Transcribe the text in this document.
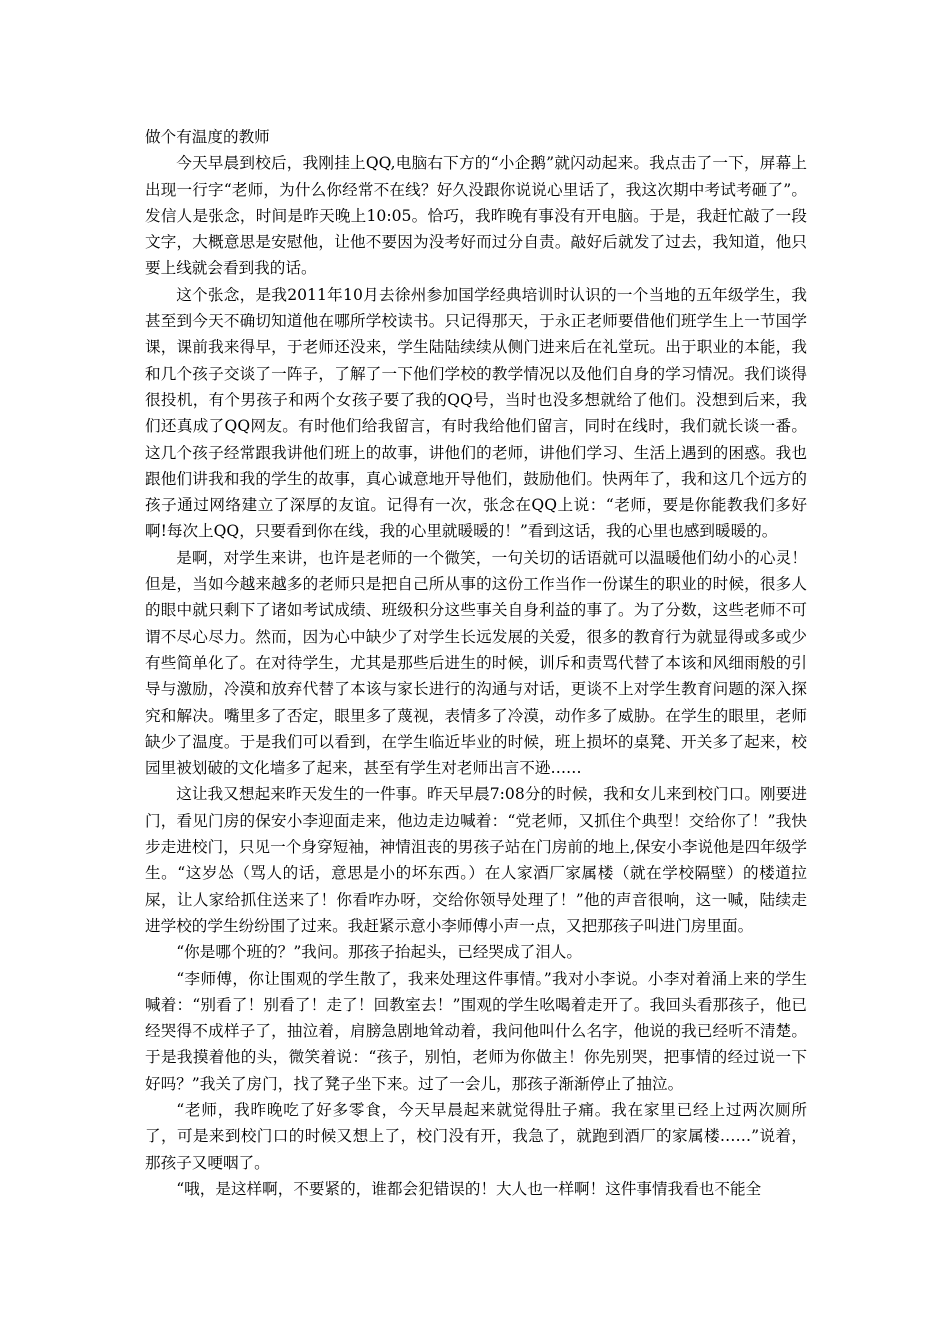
做个有温度的教师

今天早晨到校后，我刚挂上QQ,电脑右下方的“小企鹅”就闪动起来。我点击了一下，屏幕上出现一行字“老师，为什么你经常不在线？好久没跟你说说心里话了，我这次期中考试考砸了”。发信人是张念，时间是昨天晚上10:05。恰巧，我昨晚有事没有开电脑。于是，我赶忙敲了一段文字，大概意思是安慰他，让他不要因为没考好而过分自责。敲好后就发了过去，我知道，他只要上线就会看到我的话。

这个张念，是我2011年10月去徐州参加国学经典培训时认识的一个当地的五年级学生，我甚至到今天不确切知道他在哪所学校读书。只记得那天，于永正老师要借他们班学生上一节国学课，课前我来得早，于老师还没来，学生陆陆续续从侧门进来后在礼堂玩。出于职业的本能，我和几个孩子交谈了一阵子，了解了一下他们学校的教学情况以及他们自身的学习情况。我们谈得很投机，有个男孩子和两个女孩子要了我的QQ号，当时也没多想就给了他们。没想到后来，我们还真成了QQ网友。有时他们给我留言，有时我给他们留言，同时在线时，我们就长谈一番。这几个孩子经常跟我讲他们班上的故事，讲他们的老师，讲他们学习、生活上遇到的困惑。我也跟他们讲我和我的学生的故事，真心诚意地开导他们，鼓励他们。快两年了，我和这几个远方的孩子通过网络建立了深厚的友谊。记得有一次，张念在QQ上说：“老师，要是你能教我们多好啊!每次上QQ，只要看到你在线，我的心里就暖暖的！”看到这话，我的心里也感到暖暖的。

是啊，对学生来讲，也许是老师的一个微笑，一句关切的话语就可以温暖他们幼小的心灵！但是，当如今越来越多的老师只是把自己所从事的这份工作当作一份谋生的职业的时候，很多人的眼中就只剩下了诸如考试成绩、班级积分这些事关自身利益的事了。为了分数，这些老师不可谓不尽心尽力。然而，因为心中缺少了对学生长远发展的关爱，很多的教育行为就显得或多或少有些简单化了。在对待学生，尤其是那些后进生的时候，训斥和责骂代替了本该和风细雨般的引导与激励，冷漠和放弃代替了本该与家长进行的沟通与对话，更谈不上对学生教育问题的深入探究和解决。嘴里多了否定，眼里多了蔑视，表情多了冷漠，动作多了威胁。在学生的眼里，老师缺少了温度。于是我们可以看到，在学生临近毕业的时候，班上损坏的桌凳、开关多了起来，校园里被划破的文化墙多了起来，甚至有学生对老师出言不逊……

这让我又想起来昨天发生的一件事。昨天早晨7:08分的时候，我和女儿来到校门口。刚要进门，看见门房的保安小李迎面走来，他边走边喊着：“党老师，又抓住个典型！交给你了！”我快步走进校门，只见一个身穿短袖，神情沮丧的男孩子站在门房前的地上,保安小李说他是四年级学生。“这岁怂（骂人的话，意思是小的坏东西。）在人家酒厂家属楼（就在学校隔壁）的楼道拉屎，让人家给抓住送来了！你看咋办呀，交给你领导处理了！”他的声音很响，这一喊，陆续走进学校的学生纷纷围了过来。我赶紧示意小李师傅小声一点，又把那孩子叫进门房里面。

“你是哪个班的？”我问。那孩子抬起头，已经哭成了泪人。

“李师傅，你让围观的学生散了，我来处理这件事情。”我对小李说。小李对着涌上来的学生喊着：“别看了！别看了！走了！回教室去！”围观的学生吆喝着走开了。我回头看那孩子，他已经哭得不成样子了，抽泣着，肩膀急剧地耸动着，我问他叫什么名字，他说的我已经听不清楚。于是我摸着他的头，微笑着说：“孩子，别怕，老师为你做主！你先别哭，把事情的经过说一下好吗？”我关了房门，找了凳子坐下来。过了一会儿，那孩子渐渐停止了抽泣。

“老师，我昨晚吃了好多零食，今天早晨起来就觉得肚子痛。我在家里已经上过两次厕所了，可是来到校门口的时候又想上了，校门没有开，我急了，就跑到酒厂的家属楼……”说着，那孩子又哽咽了。

“哦，是这样啊，不要紧的，谁都会犯错误的！大人也一样啊！这件事情我看也不能全
